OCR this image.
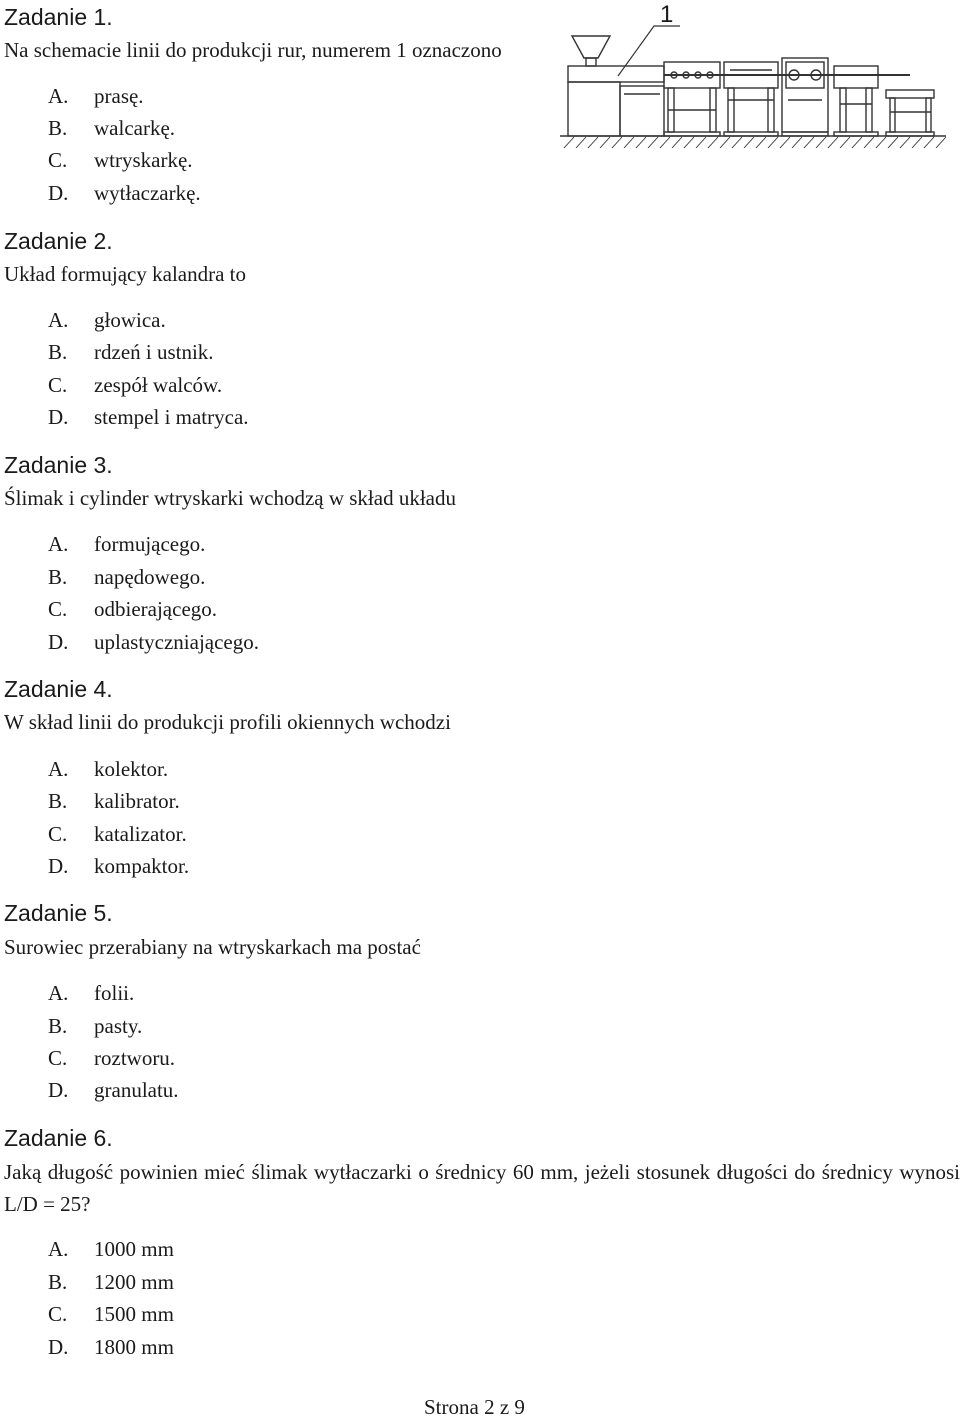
Zadanie 1.
Na schemacie linii do produkcji rur, numerem 1 oznaczono
A. prasę.
B. walcarkę.
C. wtryskarkę.
D. wytłaczarkę.
Zadanie 2.
Układ formujący kalandra to
A. głowica.
B. rdzeń i ustnik.
C. zespół walców.
D. stempel i matryca.
Zadanie 3.
Ślimak i cylinder wtryskarki wchodzą w skład układu
A. formującego.
B. napędowego.
C. odbierającego.
D. uplastyczniającego.
Zadanie 4.
W skład linii do produkcji profili okiennych wchodzi
A. kolektor.
B. kalibrator.
C. katalizator.
D. kompaktor.
Zadanie 5.
Surowiec przerabiany na wtryskarkach ma postać
A. folii.
B. pasty.
C. roztworu.
D. granulatu.
Zadanie 6.
Jaką długość powinien mieć ślimak wytłaczarki o średnicy 60 mm, jeżeli stosunek długości do średnicy wynosi L/D = 25?
A. 1000 mm
B. 1200 mm
C. 1500 mm
D. 1800 mm
1
Strona 2 z 9
